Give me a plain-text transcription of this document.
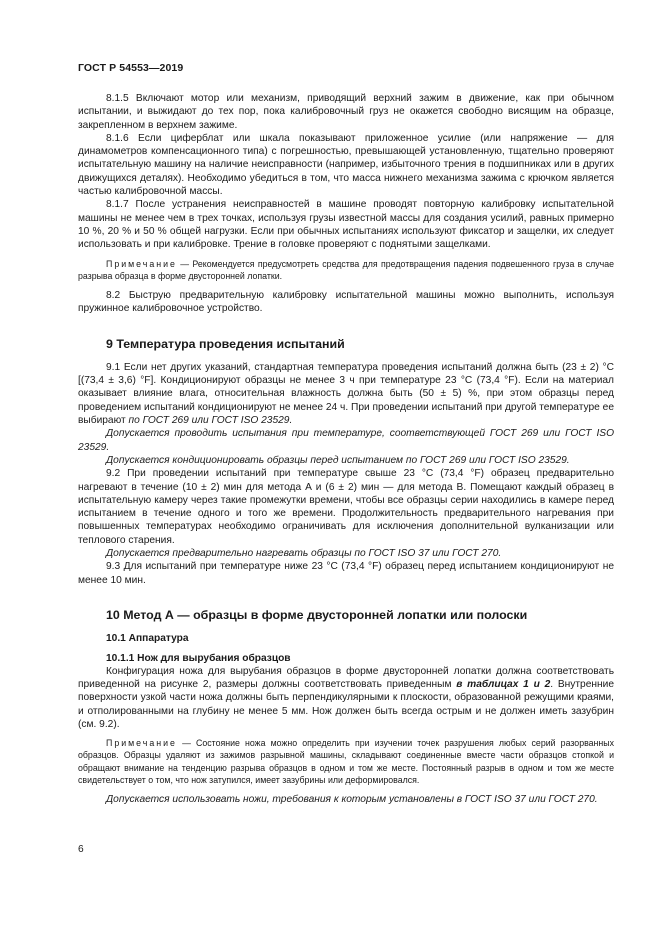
ГОСТ Р 54553—2019

8.1.5 Включают мотор или механизм, приводящий верхний зажим в движение, как при обычном испытании, и выжидают до тех пор, пока калибровочный груз не окажется свободно висящим на образце, закрепленном в верхнем зажиме.

8.1.6 Если циферблат или шкала показывают приложенное усилие (или напряжение — для динамометров компенсационного типа) с погрешностью, превышающей установленную, тщательно проверяют испытательную машину на наличие неисправности (например, избыточного трения в подшипниках или в других движущихся деталях). Необходимо убедиться в том, что масса нижнего механизма зажима с крючком является частью калибровочной массы.

8.1.7 После устранения неисправностей в машине проводят повторную калибровку испытательной машины не менее чем в трех точках, используя грузы известной массы для создания усилий, равных примерно 10 %, 20 % и 50 % общей нагрузки. Если при обычных испытаниях используют фиксатор и защелки, их следует использовать и при калибровке. Трение в головке проверяют с поднятыми защелками.

Примечание — Рекомендуется предусмотреть средства для предотвращения падения подвешенного груза в случае разрыва образца в форме двусторонней лопатки.

8.2 Быструю предварительную калибровку испытательной машины можно выполнить, используя пружинное калибровочное устройство.

9 Температура проведения испытаний

9.1 Если нет других указаний, стандартная температура проведения испытаний должна быть (23 ± 2) °С [(73,4 ± 3,6) °F]. Кондиционируют образцы не менее 3 ч при температуре 23 °С (73,4 °F). Если на материал оказывает влияние влага, относительная влажность должна быть (50 ± 5) %, при этом образцы перед проведением испытаний кондиционируют не менее 24 ч. При проведении испытаний при другой температуре ее выбирают по ГОСТ 269 или ГОСТ ISO 23529.

Допускается проводить испытания при температуре, соответствующей ГОСТ 269 или ГОСТ ISO 23529.

Допускается кондиционировать образцы перед испытанием по ГОСТ 269 или ГОСТ ISO 23529.

9.2 При проведении испытаний при температуре свыше 23 °С (73,4 °F) образец предварительно нагревают в течение (10 ± 2) мин для метода А и (6 ± 2) мин — для метода В. Помещают каждый образец в испытательную камеру через такие промежутки времени, чтобы все образцы серии находились в камере перед испытанием в течение одного и того же времени. Продолжительность предварительного нагревания при повышенных температурах необходимо ограничивать для исключения дополнительной вулканизации или теплового старения.

Допускается предварительно нагревать образцы по ГОСТ ISO 37 или ГОСТ 270.

9.3 Для испытаний при температуре ниже 23 °С (73,4 °F) образец перед испытанием кондиционируют не менее 10 мин.

10 Метод А — образцы в форме двусторонней лопатки или полоски
10.1 Аппаратура
10.1.1 Нож для вырубания образцов

Конфигурация ножа для вырубания образцов в форме двусторонней лопатки должна соответствовать приведенной на рисунке 2, размеры должны соответствовать приведенным в таблицах 1 и 2. Внутренние поверхности узкой части ножа должны быть перпендикулярными к плоскости, образованной режущими краями, и отполированными на глубину не менее 5 мм. Нож должен быть всегда острым и не должен иметь зазубрин (см. 9.2).

Примечание — Состояние ножа можно определить при изучении точек разрушения любых серий разорванных образцов. Образцы удаляют из зажимов разрывной машины, складывают соединенные вместе части образцов стопкой и обращают внимание на тенденцию разрыва образцов в одном и том же месте. Постоянный разрыв в одном и том же месте свидетельствует о том, что нож затупился, имеет зазубрины или деформировался.

Допускается использовать ножи, требования к которым установлены в ГОСТ ISO 37 или ГОСТ 270.

6
